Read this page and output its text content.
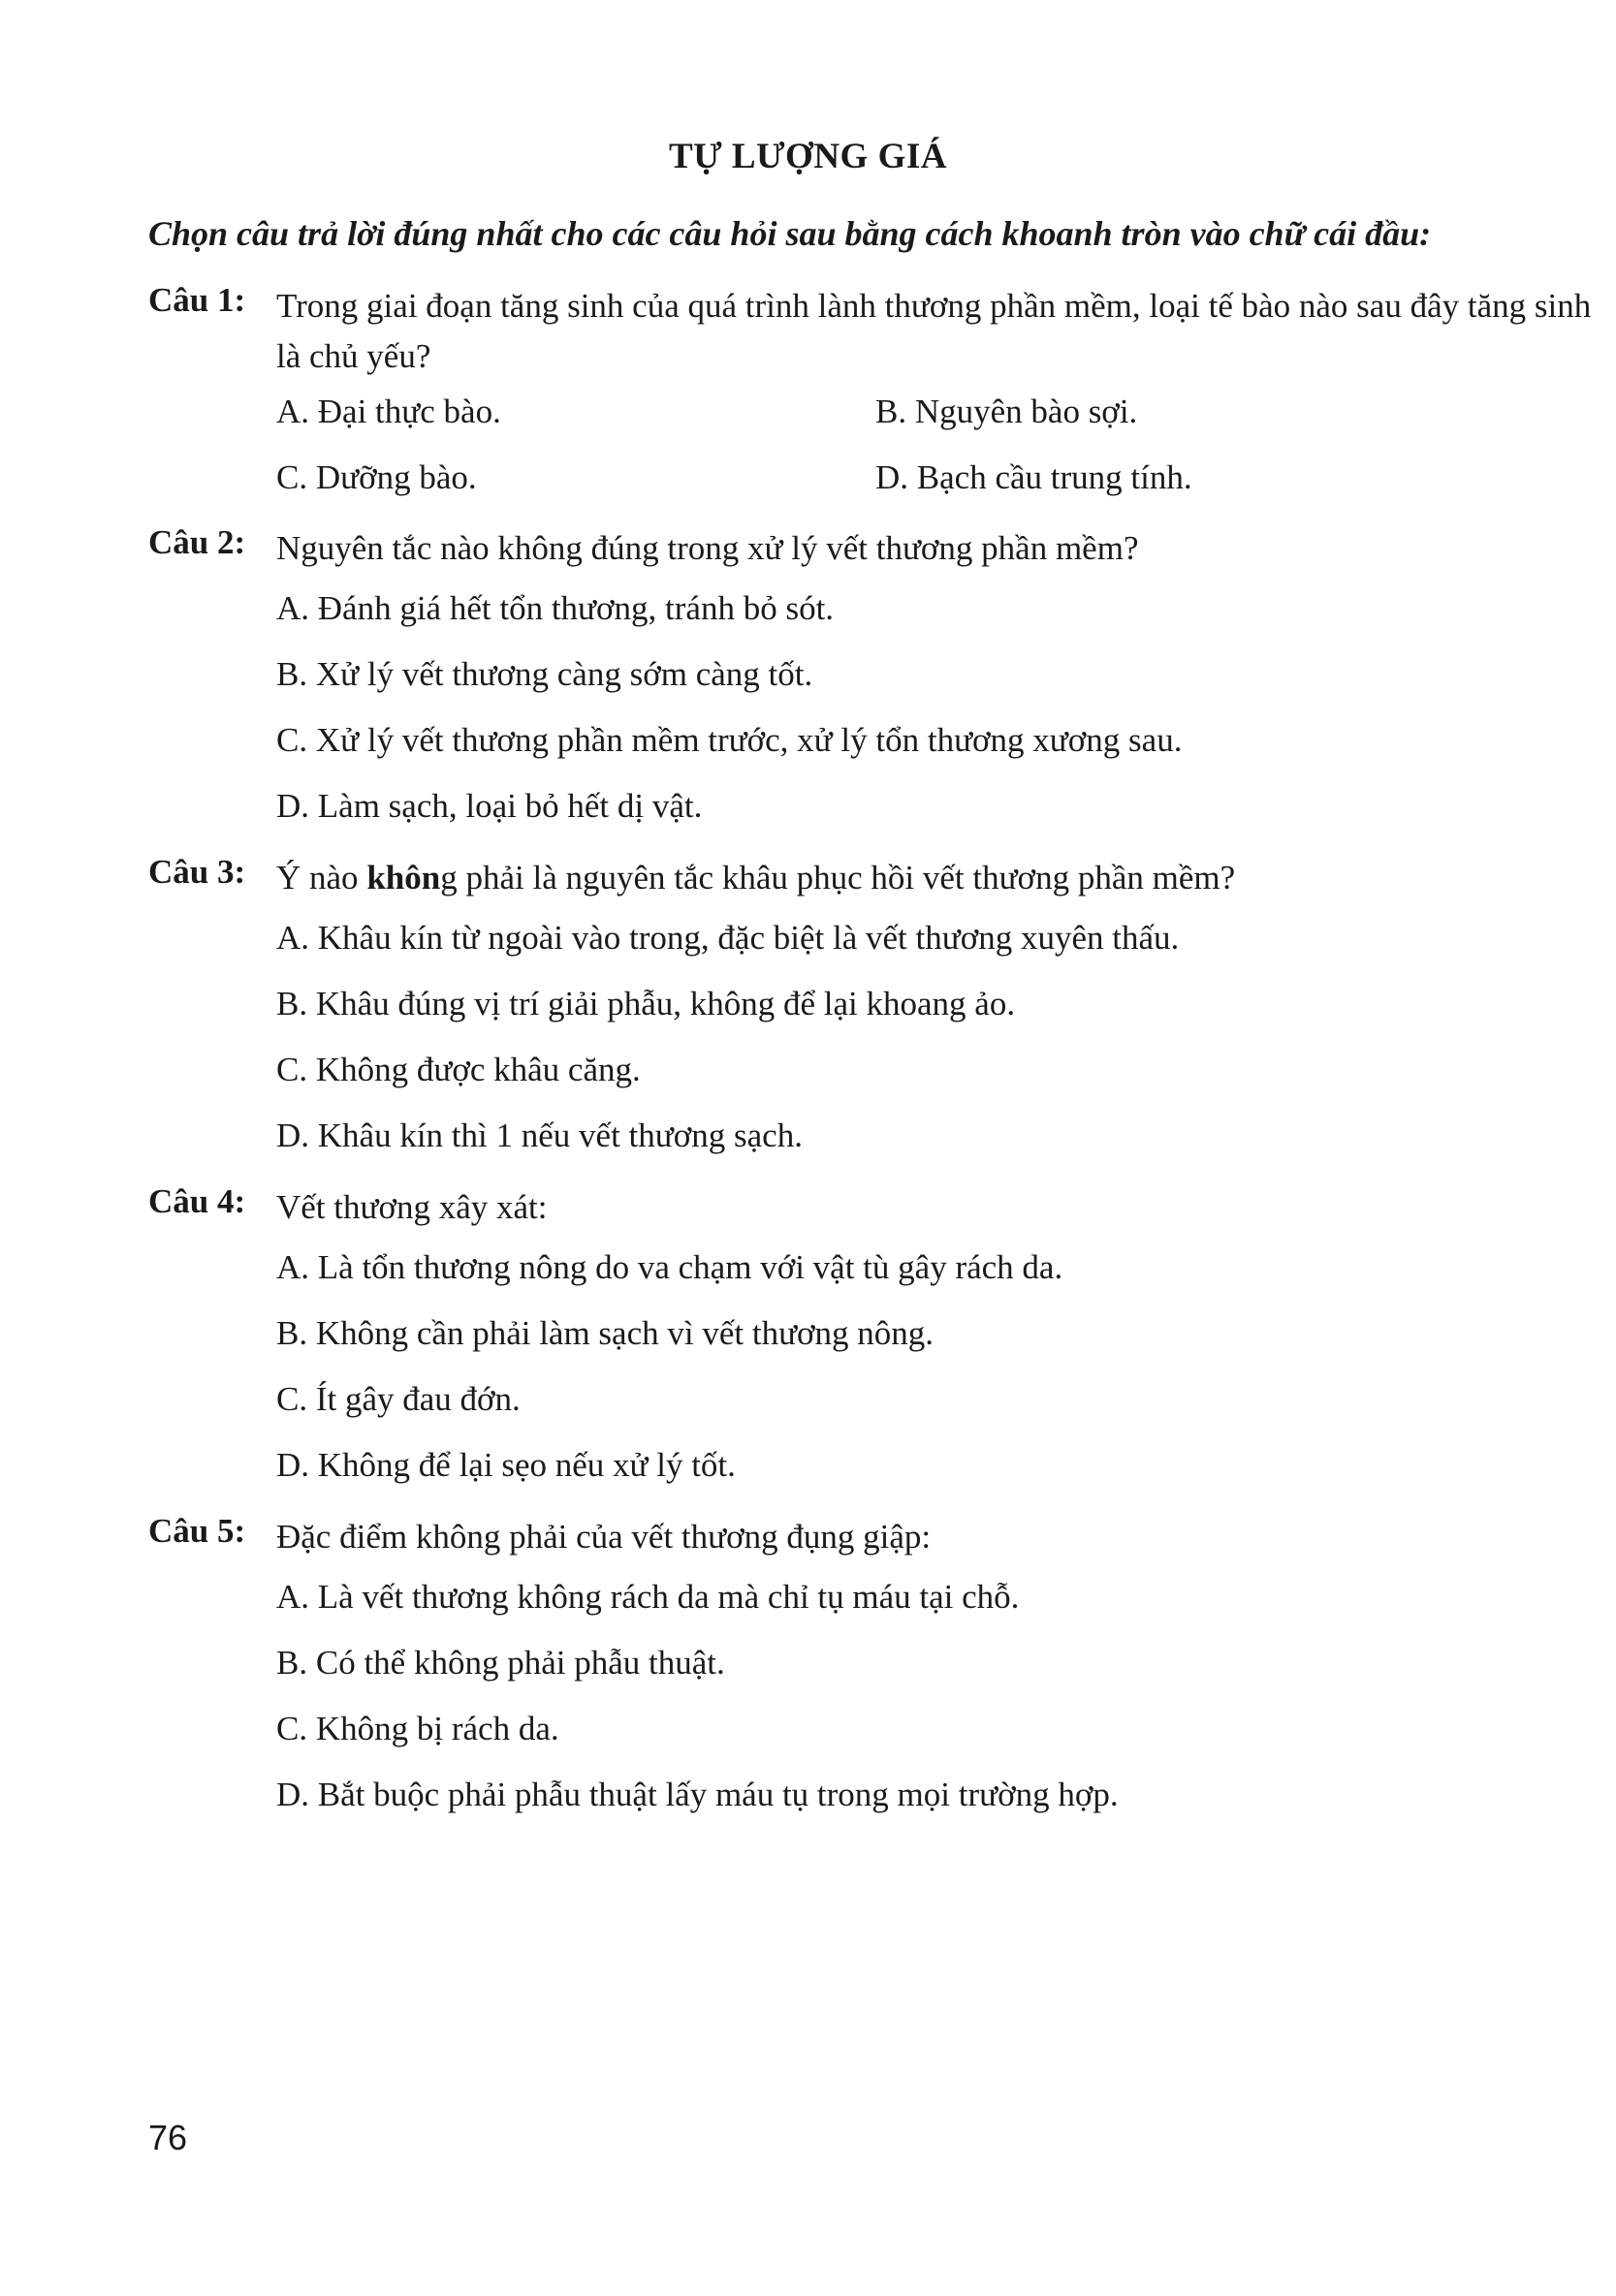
TỰ LƯỢNG GIÁ
Chọn câu trả lời đúng nhất cho các câu hỏi sau bằng cách khoanh tròn vào chữ cái đầu:
Câu 1: Trong giai đoạn tăng sinh của quá trình lành thương phần mềm, loại tế bào nào sau đây tăng sinh là chủ yếu?
A. Đại thực bào.	B. Nguyên bào sợi.
C. Dưỡng bào.	D. Bạch cầu trung tính.
Câu 2: Nguyên tắc nào không đúng trong xử lý vết thương phần mềm?
A. Đánh giá hết tổn thương, tránh bỏ sót.
B. Xử lý vết thương càng sớm càng tốt.
C. Xử lý vết thương phần mềm trước, xử lý tổn thương xương sau.
D. Làm sạch, loại bỏ hết dị vật.
Câu 3: Ý nào không phải là nguyên tắc khâu phục hồi vết thương phần mềm?
A. Khâu kín từ ngoài vào trong, đặc biệt là vết thương xuyên thấu.
B. Khâu đúng vị trí giải phẫu, không để lại khoang ảo.
C. Không được khâu căng.
D. Khâu kín thì 1 nếu vết thương sạch.
Câu 4: Vết thương xây xát:
A. Là tổn thương nông do va chạm với vật tù gây rách da.
B. Không cần phải làm sạch vì vết thương nông.
C. Ít gây đau đớn.
D. Không để lại sẹo nếu xử lý tốt.
Câu 5: Đặc điểm không phải của vết thương đụng giập:
A. Là vết thương không rách da mà chỉ tụ máu tại chỗ.
B. Có thể không phải phẫu thuật.
C. Không bị rách da.
D. Bắt buộc phải phẫu thuật lấy máu tụ trong mọi trường hợp.
76
